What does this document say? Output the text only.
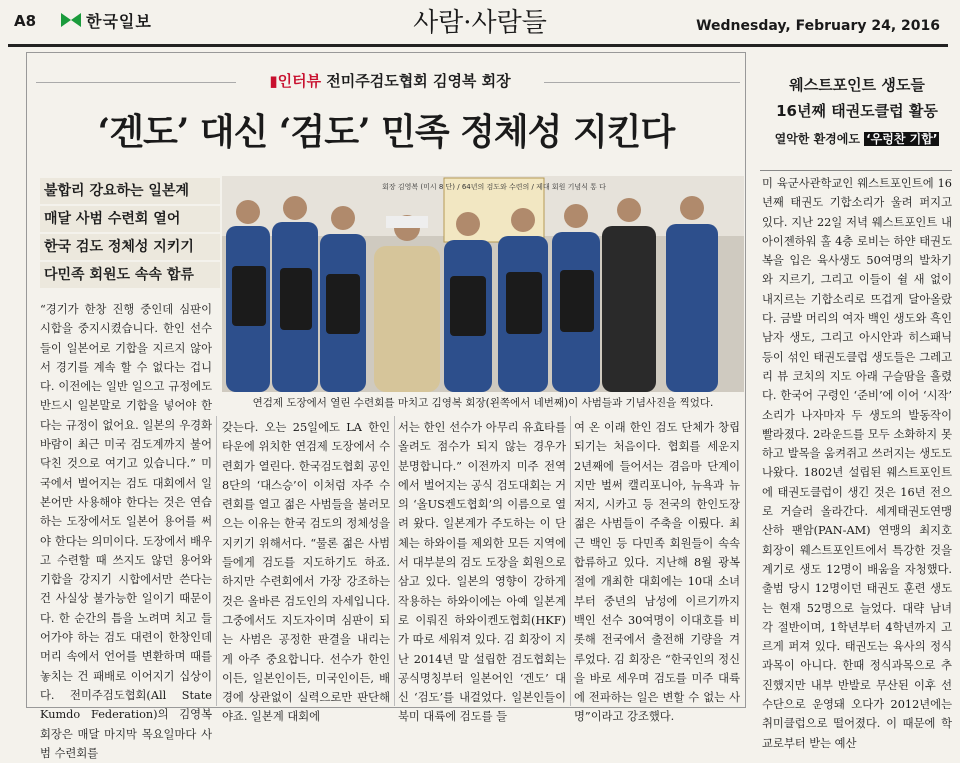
A8	한국일보	사람·사람들	Wednesday, February 24, 2016
▮인터뷰 전미주검도협회 김영복 회장
‘겐도’ 대신 ‘검도’ 민족 정체성 지킨다
불합리 강요하는 일본계
매달 사범 수련회 열어
한국 검도 정체성 지키기
다민족 회원도 속속 합류
회장 김영복 (미시 8 단) / 64년의 검도와 수련의 / 제대 회원 기념식 통 다
연검제 도장에서 열린 수련회를 마치고 김영복 회장(왼쪽에서 네번째)이 사범들과 기념사진을 찍었다.

“경기가 한창 진행 중인데 심판이 시합을 중지시켰습니다. 한인 선수들이 일본어로 기합을 지르지 않아서 경기를 계속 할 수 없다는 겁니다. 이전에는 일반 일으고 규정에도 반드시 일본말로 기합을 넣어야 한다는 규정이 없어요. 일본의 우경화 바람이 최근 미국 검도계까지 불어닥친 것으로 여기고 있습니다.” 미국에서 벌어지는 검도 대회에서 일본어만 사용해야 한다는 것은 연습하는 도장에서도 일본어 용어를 써야 한다는 의미이다. 도장에서 배우고 수련할 때 쓰지도 않던 용어와 기합을 강지기 시합에서만 쓴다는 건 사실상 불가능한 일이기 때문이다. 한 순간의 틈을 노려며 치고 들어가야 하는 검도 대련이 한창인데 머리 속에서 언어를 변환하며 때를 놓치는 건 패배로 이어지기 십상이다. 전미주검도협회(All State Kumdo Federation)의 김영복 회장은 매달 마지막 목요일마다 사범 수련회를

갖는다. 오는 25일에도 LA 한인타운에 위치한 연검제 도장에서 수련회가 열린다. 한국검도협회 공인 8단의 ‘대스승’이 이처럼 자주 수련회를 열고 젊은 사범들을 불러모으는 이유는 한국 검도의 정체성을 지키기 위해서다. “물론 젊은 사범들에게 검도를 지도하기도 하죠. 하지만 수련회에서 가장 강조하는 것은 올바른 검도인의 자세입니다. 그중에서도 지도자이며 심판이 되는 사범은 공정한 판결을 내리는 게 아주 중요합니다. 선수가 한인이든, 일본인이든, 미국인이든, 배경에 상관없이 실력으로만 판단해야죠. 일본계 대회에

서는 한인 선수가 아무리 유효타를 올려도 점수가 되지 않는 경우가 분명합니다.” 이전까지 미주 전역에서 벌어지는 공식 검도대회는 거의 ‘올US켄도협회’의 이름으로 열려 왔다. 일본계가 주도하는 이 단체는 하와이를 제외한 모든 지역에서 대부분의 검도 도장을 회원으로 삼고 있다. 일본의 영향이 강하게 작용하는 하와이에는 아예 일본계로 이뤄진 하와이켄도협회(HKF)가 따로 세워져 있다. 김 회장이 지난 2014년 말 설립한 검도협회는 공식명칭부터 일본어인 ‘겐도’ 대신 ‘검도’를 내걸었다. 일본인들이 북미 대륙에 검도를 들

여 온 이래 한인 검도 단체가 창립되기는 처음이다. 협회를 세운지 2년째에 들어서는 겸음마 단계이지만 벌써 캘리포니아, 뉴욕과 뉴저지, 시카고 등 전국의 한인도장 젊은 사범들이 주축을 이뤘다. 최근 백인 등 다민족 회원들이 속속 합류하고 있다. 지난해 8월 광복절에 개최한 대회에는 10대 소녀부터 중년의 남성에 이르기까지 백인 선수 30여명이 이대호를 비롯해 전국에서 출전해 기량을 겨루었다. 김 회장은 “한국인의 정신을 바로 세우며 검도를 미주 대륙에 전파하는 일은 변할 수 없는 사명”이라고 강조했다.

웨스트포인트 생도들
16년째 태권도클럽 활동
열악한 환경에도 ‘우렁찬 기합’

미 육군사관학교인 웨스트포인트에 16년째 태권도 기합소리가 울려 퍼지고 있다. 지난 22일 저녁 웨스트포인트 내 아이젠하워 홀 4층 로비는 하얀 태권도복을 입은 육사생도 50여명의 발차기와 지르기, 그리고 이들이 쉴 새 없이 내지르는 기합소리로 뜨겁게 달아올랐다. 금발 머리의 여자 백인 생도와 흑인 남자 생도, 그리고 아시안과 히스패닉 등이 섞인 태권도클럽 생도들은 그레고리 뷰 코치의 지도 아래 구슬땀을 흘렸다. 한국어 구령인 ‘준비’에 이어 ‘시작’ 소리가 나자마자 두 생도의 발동작이 빨라졌다. 2라운드를 모두 소화하지 못하고 발목을 움켜쥐고 쓰러지는 생도도 나왔다. 1802년 설립된 웨스트포인트에 태권도클럽이 생긴 것은 16년 전으로 거슬러 올라간다. 세계태권도연맹 산하 팬암(PAN-AM) 연맹의 최지호 회장이 웨스트포인트에서 특강한 것을 계기로 생도 12명이 배움을 자청했다. 출범 당시 12명이던 태권도 훈련 생도는 현재 52명으로 늘었다. 대략 남녀 각 절반이며, 1학년부터 4학년까지 고르게 퍼져 있다. 태권도는 육사의 정식과목이 아니다. 한때 정식과목으로 추진했지만 내부 반발로 무산된 이후 선수단으로 운영돼 오다가 2012년에는 취미클럽으로 떨어졌다. 이 때문에 학교로부터 받는 예산
